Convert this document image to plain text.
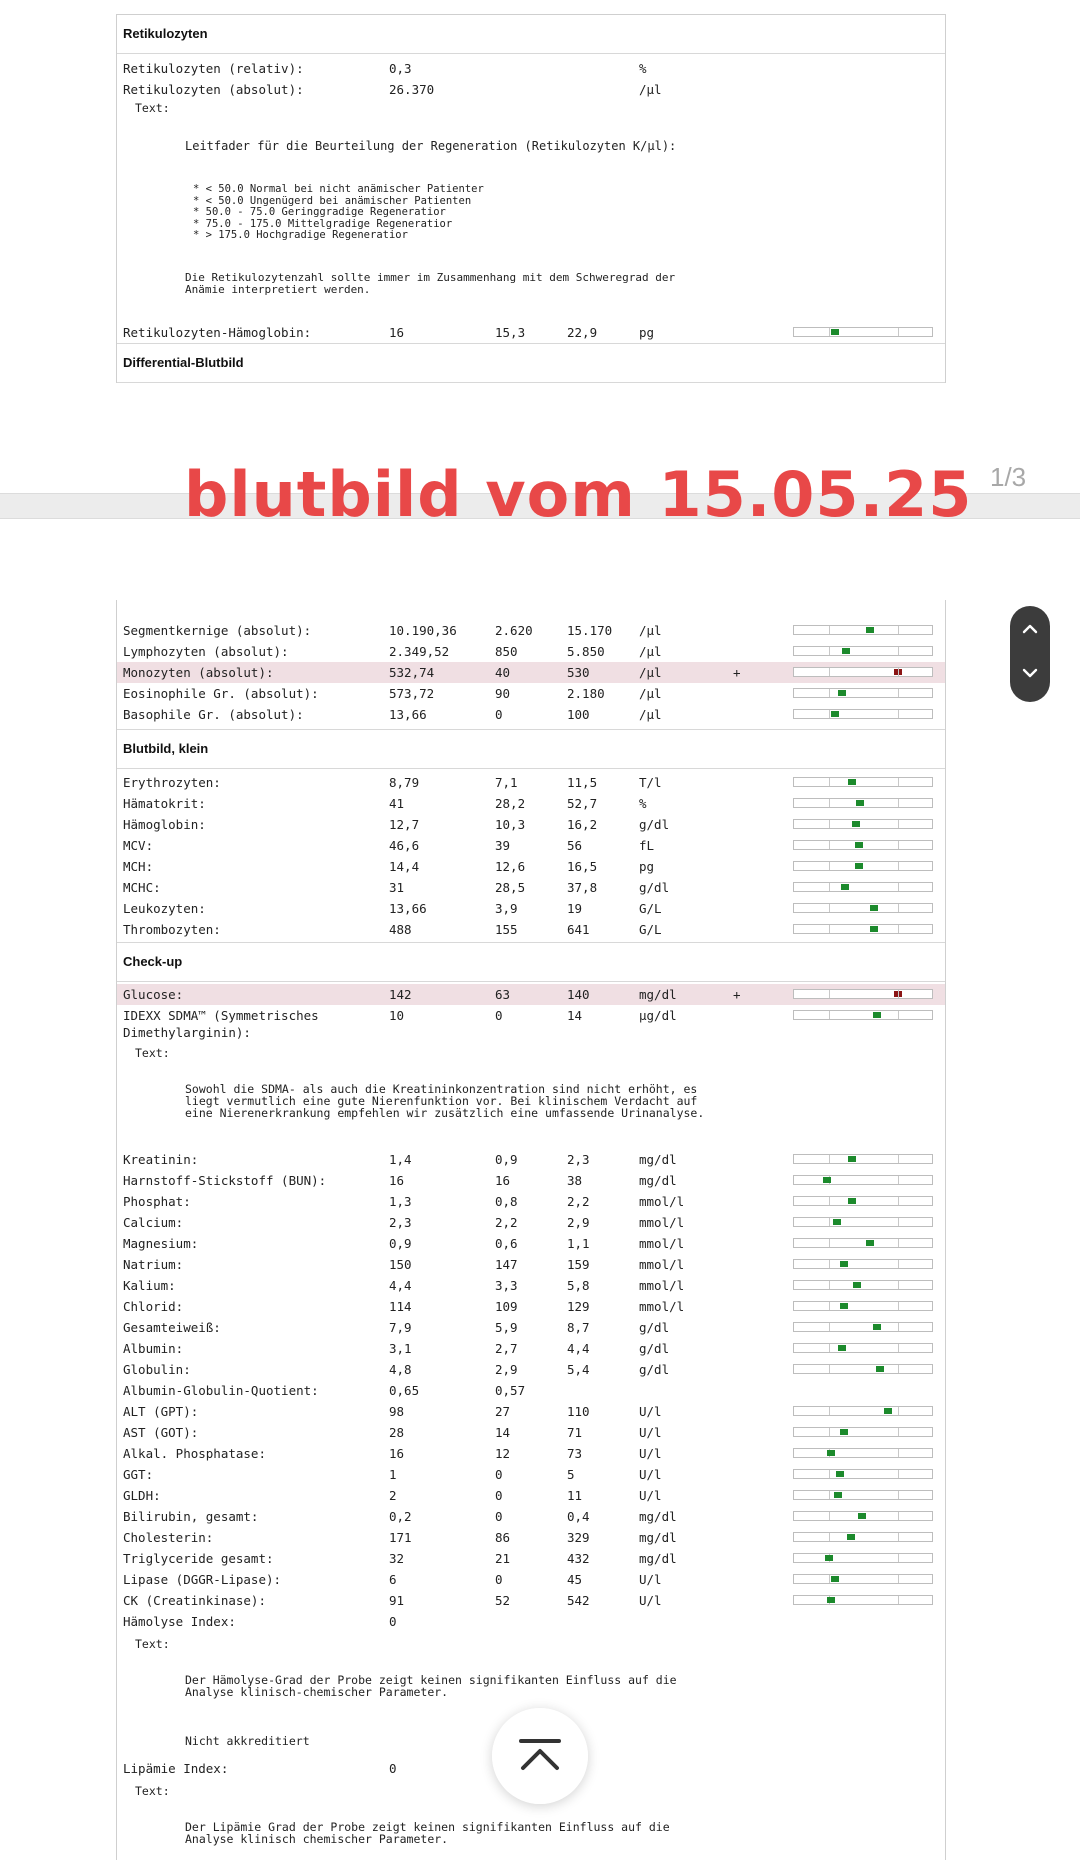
Retikulozyten
Retikulozyten (relativ):	0,3	%
Retikulozyten (absolut):	26.370	/µl

Text:

Leitfader für die Beurteilung der Regeneration (Retikulozyten K/µl):

* < 50.0 Normal bei nicht anämischer Patienter
* < 50.0 Ungenügerd bei anämischer Patienten
* 50.0 - 75.0 Geringgradige Regeneratior
* 75.0 - 175.0 Mittelgradige Regeneratior
* > 175.0 Hochgradige Regeneratior

Die Retikulozytenzahl sollte immer im Zusammenhang mit dem Schweregrad der
Anämie interpretiert werden.

Retikulozyten-Hämoglobin:	16	15,3	22,9	pg
Differential-Blutbild
blutbild vom 15.05.25 1/3
Segmentkernige (absolut):	10.190,36	2.620	15.170 /µl
Lymphozyten (absolut):	2.349,52	850	5.850	/µl
Monozyten (absolut):	532,74	40	530	/µl	+
Eosinophile Gr. (absolut):	573,72	90	2.180	/µl
Basophile Gr. (absolut):	13,66	0	100	/µl
Blutbild, klein
Erythrozyten:	8,79	7,1	11,5	T/l
Hämatokrit:	41	28,2	52,7	%
Hämoglobin:	12,7	10,3	16,2	g/dl
MCV:	46,6	39	56	fL
MCH:	14,4	12,6	16,5	pg
MCHC:	31	28,5	37,8	g/dl
Leukozyten:	13,66	3,9	19	G/L
Thrombozyten:	488	155	641	G/L
Check-up
Glucose:	142	63	140	mg/dl	+
IDEXX SDMA™ (Symmetrisches	10	0	14	µg/dl
Dimethylarginin):

Text:

Sowohl die SDMA- als auch die Kreatininkonzentration sind nicht erhöht, es
liegt vermutlich eine gute Nierenfunktion vor. Bei klinischem Verdacht auf
eine Nierenerkrankung empfehlen wir zusätzlich eine umfassende Urinanalyse.

Kreatinin:	1,4	0,9	2,3	mg/dl
Harnstoff-Stickstoff (BUN):	16	16	38	mg/dl
Phosphat:	1,3	0,8	2,2	mmol/l
Calcium:	2,3	2,2	2,9	mmol/l
Magnesium:	0,9	0,6	1,1	mmol/l
Natrium:	150	147	159	mmol/l
Kalium:	4,4	3,3	5,8	mmol/l
Chlorid:	114	109	129	mmol/l
Gesamteiweiß:	7,9	5,9	8,7	g/dl
Albumin:	3,1	2,7	4,4	g/dl
Globulin:	4,8	2,9	5,4	g/dl
Albumin-Globulin-Quotient:	0,65	0,57
ALT (GPT):	98	27	110	U/l
AST (GOT):	28	14	71	U/l
Alkal. Phosphatase:	16	12	73	U/l
GGT:	1	0	5	U/l
GLDH:	2	0	11	U/l
Bilirubin, gesamt:	0,2	0	0,4	mg/dl
Cholesterin:	171	86	329	mg/dl
Triglyceride gesamt:	32	21	432	mg/dl
Lipase (DGGR-Lipase):	6	0	45	U/l
CK (Creatinkinase):	91	52	542	U/l
Hämolyse Index:	0

Text:

Der Hämolyse-Grad der Probe zeigt keinen signifikanten Einfluss auf die
Analyse klinisch-chemischer Parameter.

Nicht akkreditiert
Lipämie Index:	0

Text:

Der Lipämie Grad der Probe zeigt keinen signifikanten Einfluss auf die
Analyse klinisch chemischer Parameter.
